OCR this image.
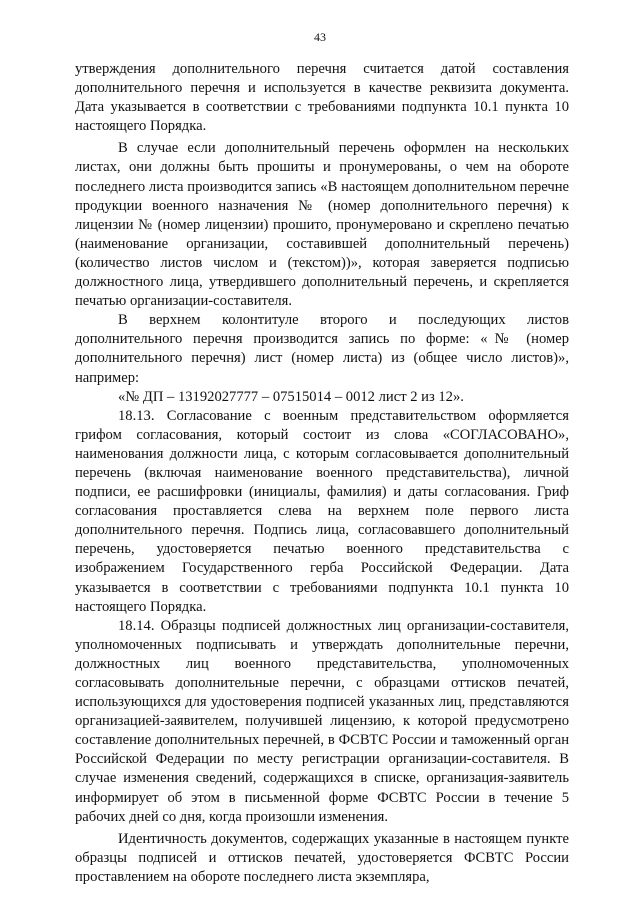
43

утверждения дополнительного перечня считается датой составления дополнительного перечня и используется в качестве реквизита документа. Дата указывается в соответствии с требованиями подпункта 10.1 пункта 10 настоящего Порядка.

В случае если дополнительный перечень оформлен на нескольких листах, они должны быть прошиты и пронумерованы, о чем на обороте последнего листа производится запись «В настоящем дополнительном перечне продукции военного назначения № (номер дополнительного перечня) к лицензии № (номер лицензии) прошито, пронумеровано и скреплено печатью (наименование организации, составившей дополнительный перечень) (количество листов числом и (текстом))», которая заверяется подписью должностного лица, утвердившего дополнительный перечень, и скрепляется печатью организации-составителя.

В верхнем колонтитуле второго и последующих листов дополнительного перечня производится запись по форме: «№ (номер дополнительного перечня) лист (номер листа) из (общее число листов)», например:

«№ ДП – 13192027777 – 07515014 – 0012 лист 2 из 12».

18.13. Согласование с военным представительством оформляется грифом согласования, который состоит из слова «СОГЛАСОВАНО», наименования должности лица, с которым согласовывается дополнительный перечень (включая наименование военного представительства), личной подписи, ее расшифровки (инициалы, фамилия) и даты согласования. Гриф согласования проставляется слева на верхнем поле первого листа дополнительного перечня. Подпись лица, согласовавшего дополнительный перечень, удостоверяется печатью военного представительства с изображением Государственного герба Российской Федерации. Дата указывается в соответствии с требованиями подпункта 10.1 пункта 10 настоящего Порядка.

18.14. Образцы подписей должностных лиц организации-составителя, уполномоченных подписывать и утверждать дополнительные перечни, должностных лиц военного представительства, уполномоченных согласовывать дополнительные перечни, с образцами оттисков печатей, использующихся для удостоверения подписей указанных лиц, представляются организацией-заявителем, получившей лицензию, к которой предусмотрено составление дополнительных перечней, в ФСВТС России и таможенный орган Российской Федерации по месту регистрации организации-составителя. В случае изменения сведений, содержащихся в списке, организация-заявитель информирует об этом в письменной форме ФСВТС России в течение 5 рабочих дней со дня, когда произошли изменения.

Идентичность документов, содержащих указанные в настоящем пункте образцы подписей и оттисков печатей, удостоверяется ФСВТС России проставлением на обороте последнего листа экземпляра,
